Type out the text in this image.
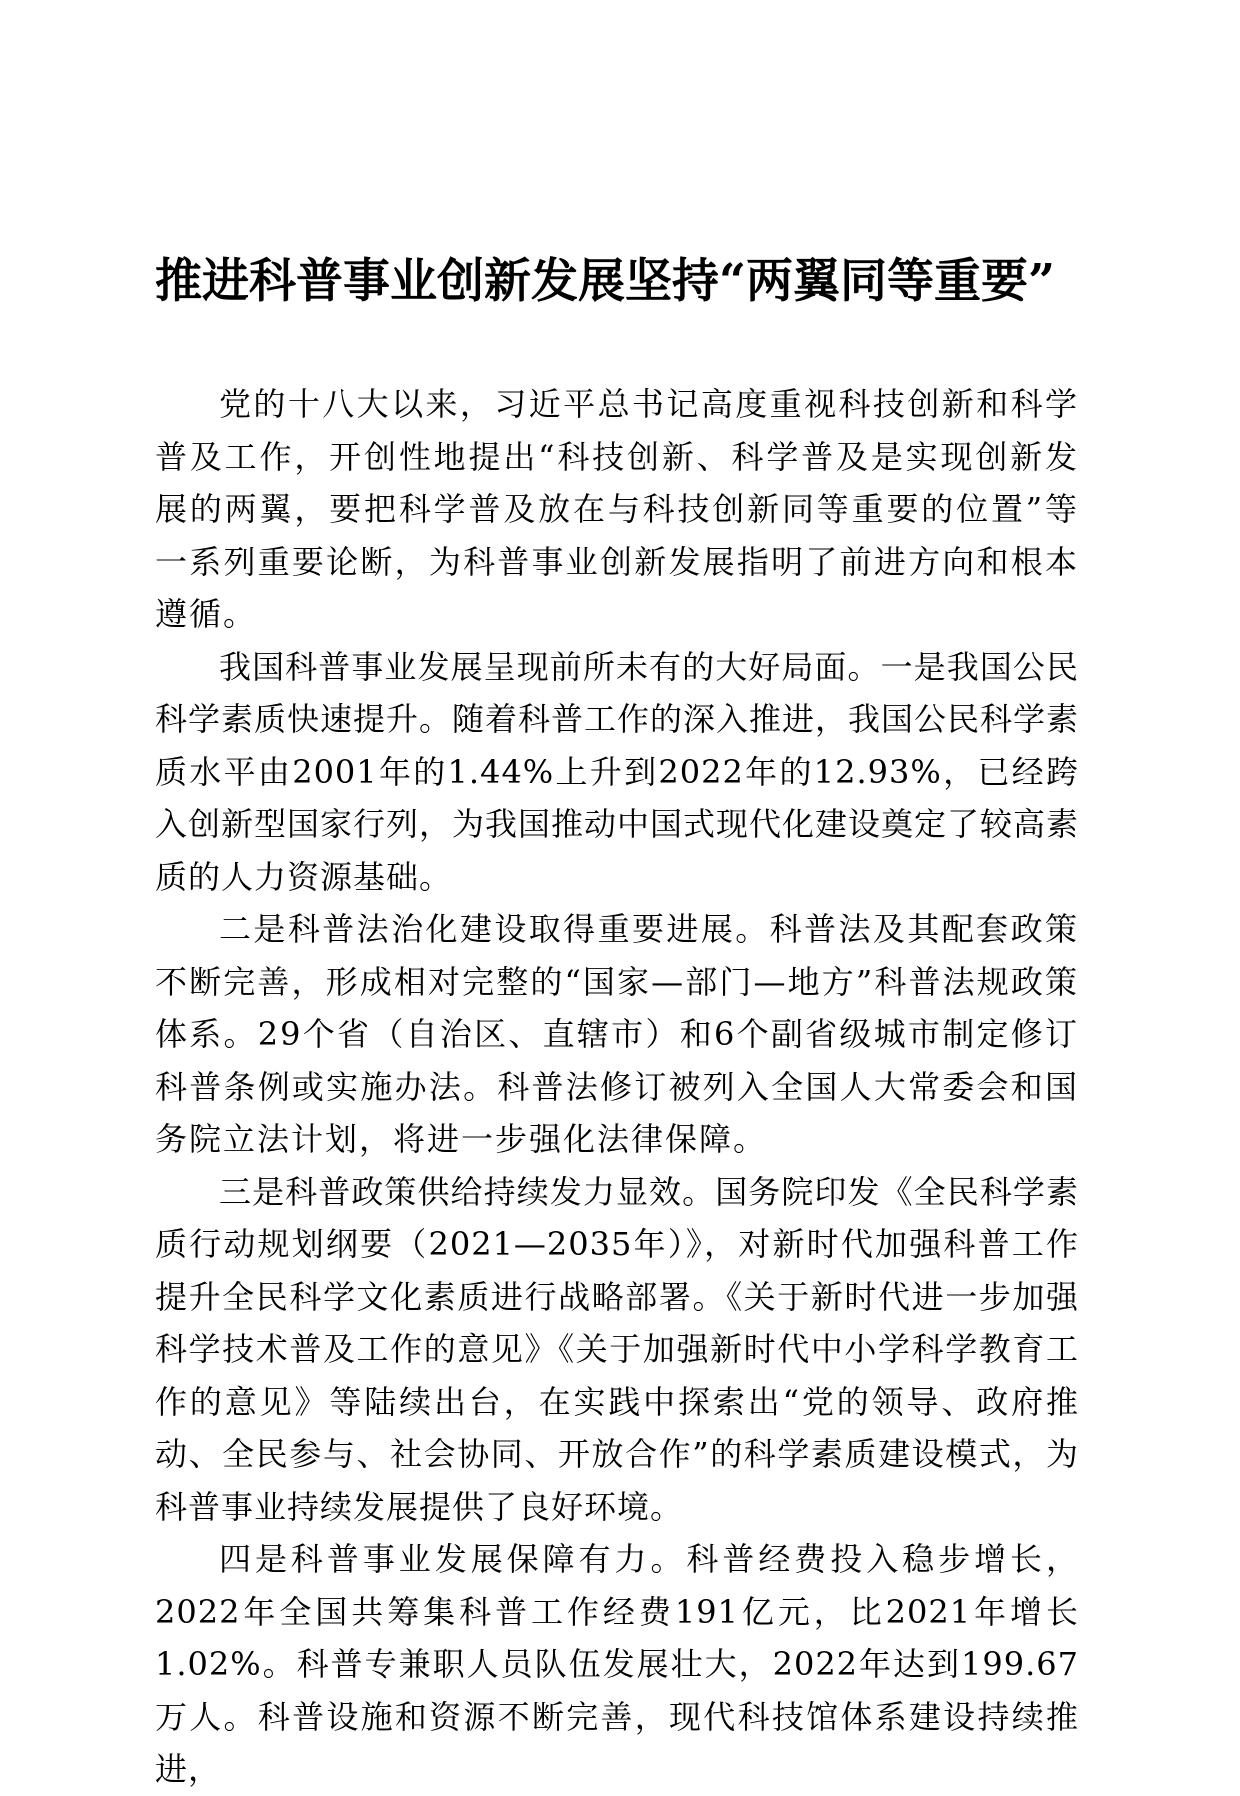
推进科普事业创新发展坚持“两翼同等重要”

党的十八大以来，习近平总书记高度重视科技创新和科学普及工作，开创性地提出“科技创新、科学普及是实现创新发展的两翼，要把科学普及放在与科技创新同等重要的位置”等一系列重要论断，为科普事业创新发展指明了前进方向和根本遵循。

我国科普事业发展呈现前所未有的大好局面。一是我国公民科学素质快速提升。随着科普工作的深入推进，我国公民科学素质水平由2001年的1.44%上升到2022年的12.93%，已经跨入创新型国家行列，为我国推动中国式现代化建设奠定了较高素质的人力资源基础。

二是科普法治化建设取得重要进展。科普法及其配套政策不断完善，形成相对完整的“国家—部门—地方”科普法规政策体系。29个省（自治区、直辖市）和6个副省级城市制定修订科普条例或实施办法。科普法修订被列入全国人大常委会和国务院立法计划，将进一步强化法律保障。

三是科普政策供给持续发力显效。国务院印发《全民科学素质行动规划纲要（2021—2035年）》，对新时代加强科普工作提升全民科学文化素质进行战略部署。《关于新时代进一步加强科学技术普及工作的意见》《关于加强新时代中小学科学教育工作的意见》等陆续出台，在实践中探索出“党的领导、政府推动、全民参与、社会协同、开放合作”的科学素质建设模式，为科普事业持续发展提供了良好环境。

四是科普事业发展保障有力。科普经费投入稳步增长，2022年全国共筹集科普工作经费191亿元，比2021年增长1.02%。科普专兼职人员队伍发展壮大，2022年达到199.67万人。科普设施和资源不断完善，现代科技馆体系建设持续推进，
